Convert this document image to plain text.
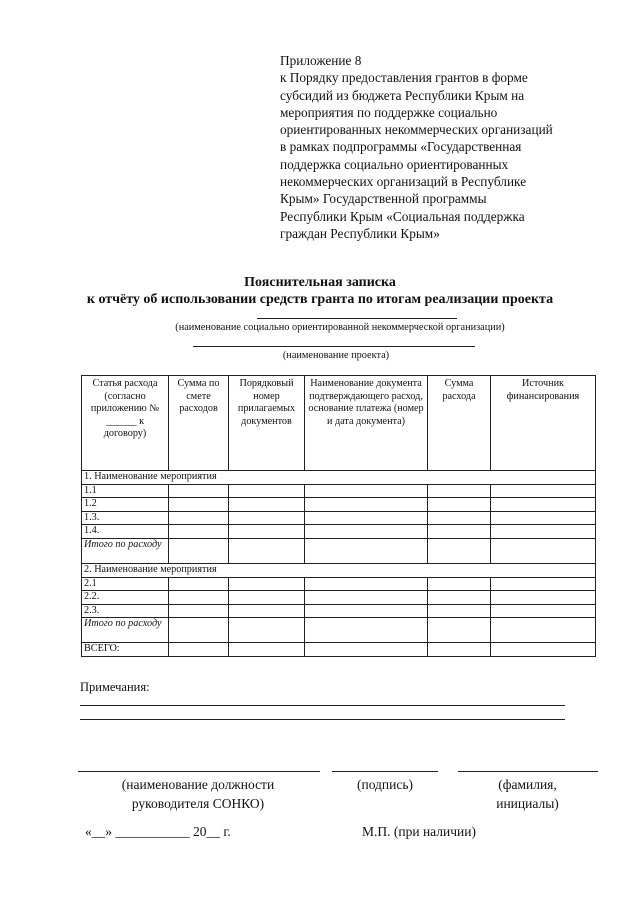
Приложение 8
к Порядку предоставления грантов в форме
субсидий из бюджета Республики Крым на
мероприятия по поддержке социально
ориентированных некоммерческих организаций
в рамках подпрограммы «Государственная
поддержка социально ориентированных
некоммерческих организаций в Республике
Крым» Государственной программы
Республики Крым «Социальная поддержка
граждан Республики Крым»
Пояснительная записка
к отчёту об использовании средств гранта по итогам реализации проекта
(наименование социально ориентированной некоммерческой организации)
(наименование проекта)
Статья расхода (согласно приложению № ______ к договору)	Сумма по смете расходов	Порядковый номер прилагаемых документов	Наименование документа подтверждающего расход, основание платежа (номер и дата документа)	Сумма расхода	Источник финансирования
1. Наименование мероприятия					
1.1					
1.2					
1.3.					
1.4.					
Итого по расходу					
2. Наименование мероприятия					
2.1					
2.2.					
2.3.					
Итого по расходу					
ВСЕГО:					
Примечания:
(наименование должности руководителя СОНКО)
(подпись)	(фамилия, инициалы)
«__» ___________ 20__ г.	М.П. (при наличии)
